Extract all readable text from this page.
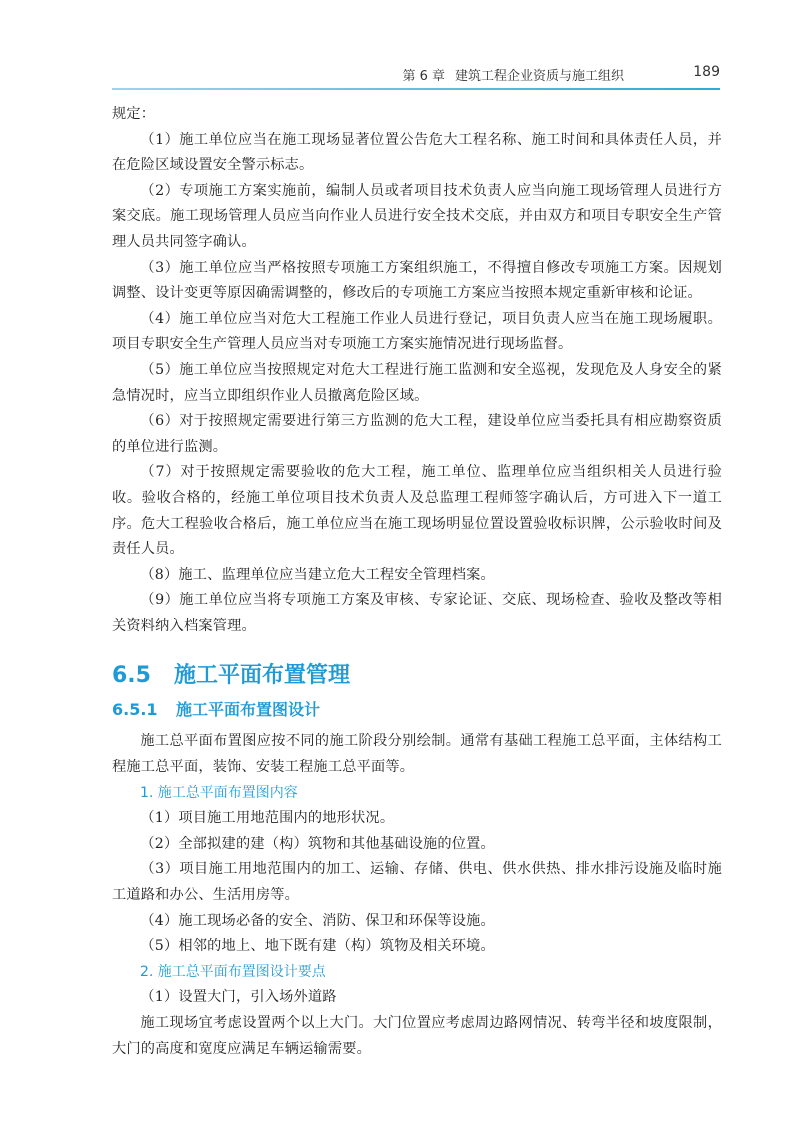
第 6 章 建筑工程企业资质与施工组织	189

规定：

（1）施工单位应当在施工现场显著位置公告危大工程名称、施工时间和具体责任人员，并在危险区域设置安全警示标志。

（2）专项施工方案实施前，编制人员或者项目技术负责人应当向施工现场管理人员进行方案交底。施工现场管理人员应当向作业人员进行安全技术交底，并由双方和项目专职安全生产管理人员共同签字确认。

（3）施工单位应当严格按照专项施工方案组织施工，不得擅自修改专项施工方案。因规划调整、设计变更等原因确需调整的，修改后的专项施工方案应当按照本规定重新审核和论证。

（4）施工单位应当对危大工程施工作业人员进行登记，项目负责人应当在施工现场履职。项目专职安全生产管理人员应当对专项施工方案实施情况进行现场监督。

（5）施工单位应当按照规定对危大工程进行施工监测和安全巡视，发现危及人身安全的紧急情况时，应当立即组织作业人员撤离危险区域。

（6）对于按照规定需要进行第三方监测的危大工程，建设单位应当委托具有相应勘察资质的单位进行监测。

（7）对于按照规定需要验收的危大工程，施工单位、监理单位应当组织相关人员进行验收。验收合格的，经施工单位项目技术负责人及总监理工程师签字确认后，方可进入下一道工序。危大工程验收合格后，施工单位应当在施工现场明显位置设置验收标识牌，公示验收时间及责任人员。

（8）施工、监理单位应当建立危大工程安全管理档案。

（9）施工单位应当将专项施工方案及审核、专家论证、交底、现场检查、验收及整改等相关资料纳入档案管理。

6.5 施工平面布置管理
6.5.1 施工平面布置图设计

施工总平面布置图应按不同的施工阶段分别绘制。通常有基础工程施工总平面，主体结构工程施工总平面，装饰、安装工程施工总平面等。

1. 施工总平面布置图内容

（1）项目施工用地范围内的地形状况。

（2）全部拟建的建（构）筑物和其他基础设施的位置。

（3）项目施工用地范围内的加工、运输、存储、供电、供水供热、排水排污设施及临时施工道路和办公、生活用房等。

（4）施工现场必备的安全、消防、保卫和环保等设施。

（5）相邻的地上、地下既有建（构）筑物及相关环境。

2. 施工总平面布置图设计要点

（1）设置大门，引入场外道路

施工现场宜考虑设置两个以上大门。大门位置应考虑周边路网情况、转弯半径和坡度限制，大门的高度和宽度应满足车辆运输需要。
